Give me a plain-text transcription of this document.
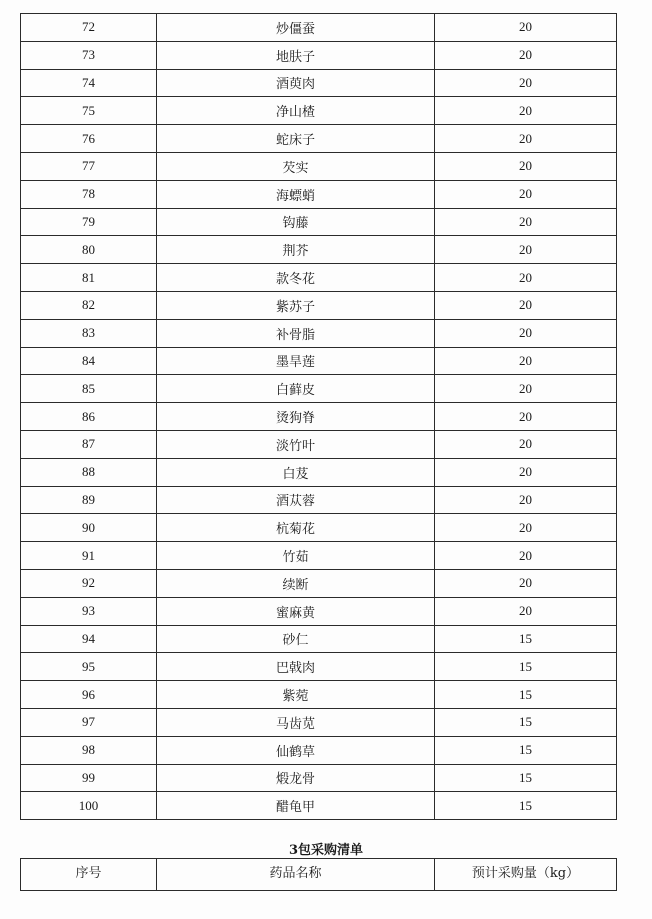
72	炒僵蚕	20
73	地肤子	20
74	酒萸肉	20
75	净山楂	20
76	蛇床子	20
77	芡实	20
78	海螵蛸	20
79	钩藤	20
80	荆芥	20
81	款冬花	20
82	紫苏子	20
83	补骨脂	20
84	墨旱莲	20
85	白藓皮	20
86	烫狗脊	20
87	淡竹叶	20
88	白芨	20
89	酒苁蓉	20
90	杭菊花	20
91	竹茹	20
92	续断	20
93	蜜麻黄	20
94	砂仁	15
95	巴戟肉	15
96	紫菀	15
97	马齿苋	15
98	仙鹤草	15
99	煅龙骨	15
100	醋龟甲	15
3包采购清单
序号	药品名称	预计采购量（kg）
